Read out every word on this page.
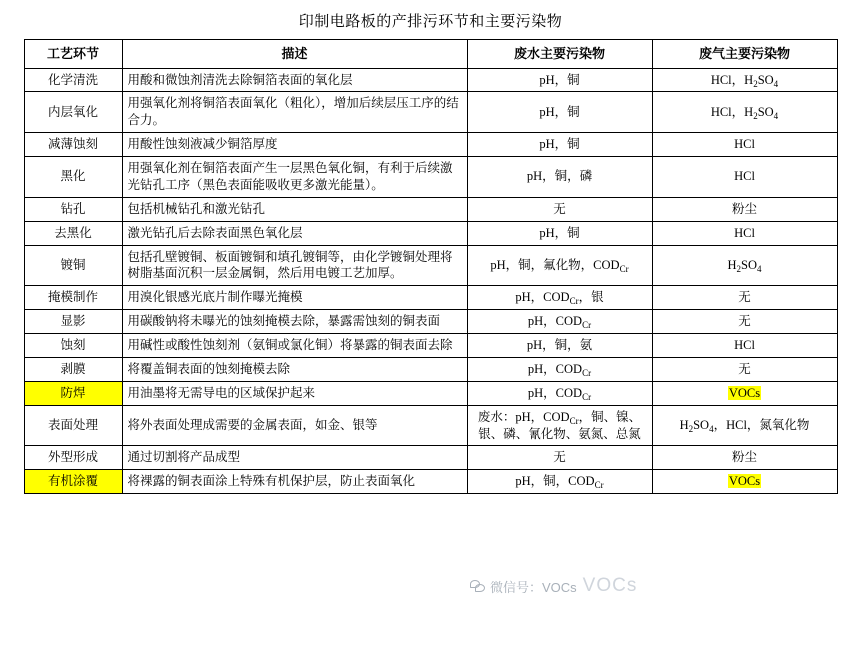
印制电路板的产排污环节和主要污染物
工艺环节	描述	废水主要污染物	废气主要污染物
化学清洗	用酸和微蚀剂清洗去除铜箔表面的氧化层	pH，铜	HCl，$H_2SO_4$
内层氧化	用强氧化剂将铜箔表面氧化（粗化），增加后续层压工序的结合力。	pH，铜	HCl，$H_2SO_4$
减薄蚀刻	用酸性蚀刻液减少铜箔厚度	pH，铜	HCl
黑化	用强氧化剂在铜箔表面产生一层黑色氧化铜，有利于后续激光钻孔工序（黑色表面能吸收更多激光能量）。	pH，铜，磷	HCl
钻孔	包括机械钻孔和激光钻孔	无	粉尘
去黑化	激光钻孔后去除表面黑色氧化层	pH，铜	HCl
镀铜	包括孔壁镀铜、板面镀铜和填孔镀铜等，由化学镀铜处理将树脂基面沉积一层金属铜，然后用电镀工艺加厚。	pH，铜，氟化物，$COD_{Cr}$	$H_2SO_4$
掩模制作	用溴化银感光底片制作曝光掩模	pH，$COD_{Cr}$，银	无
显影	用碳酸钠将未曝光的蚀刻掩模去除，暴露需蚀刻的铜表面	pH，$COD_{Cr}$	无
蚀刻	用碱性或酸性蚀刻剂（氨铜或氯化铜）将暴露的铜表面去除	pH，铜，氨	HCl
剥膜	将覆盖铜表面的蚀刻掩模去除	pH，$COD_{Cr}$	无
防焊	用油墨将无需导电的区域保护起来	pH，$COD_{Cr}$	VOCs
表面处理	将外表面处理成需要的金属表面，如金、银等	废水：pH，$COD_{Cr}$，铜、镍、银、磷、氰化物、氨氮、总氮	$H_2SO_4$，HCl，氮氧化物
外型形成	通过切割将产品成型	无	粉尘
有机涂覆	将裸露的铜表面涂上特殊有机保护层，防止表面氧化	pH，铜，$COD_{Cr}$	VOCs
微信号：VOCs VOCs
